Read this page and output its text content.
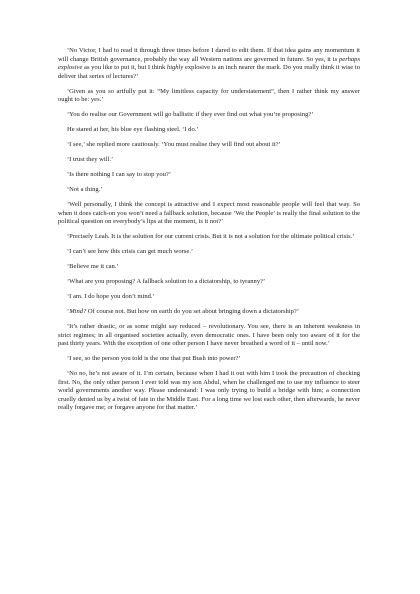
‘No Victor, I had to read it through three times before I dared to edit them. If that idea gains any momentum it will change British governance, probably the way all Western nations are governed in future. So yes, it is perhaps explosive as you like to put it, but I think highly explosive is an inch nearer the mark. Do you really think it wise to deliver that series of lectures?’

‘Given as you so artfully put it: “My limitless capacity for understatement”, then I rather think my answer ought to be: yes.’

‘You do realise our Government will go ballistic if they ever find out what you’re proposing?’

He stared at her, his blue eye flashing steel. ‘I do.’

‘I see,’ she replied more cautiously. ‘You must realise they will find out about it?’

‘I trust they will.’

‘Is there nothing I can say to stop you?’

‘Not a thing.’

‘Well personally, I think the concept is attractive and I expect most reasonable people will feel that way. So when it does catch-on you won’t need a fallback solution, because ‘We the People’ is really the final solution to the political question on everybody’s lips at the moment, is it not?’

‘Precisely Leah. It is the solution for our current crisis. But it is not a solution for the ultimate political crisis.’

‘I can’t see how this crisis can get much worse.’

‘Believe me it can.’

‘What are you proposing? A fallback solution to a dictatorship, to tyranny?’

‘I am. I do hope you don’t mind.’

‘Mind? Of course not. But how on earth do you set about bringing down a dictatorship?’

‘It’s rather drastic, or as some might say reduced – revolutionary. You see, there is an inherent weakness in strict regimes; in all organised societies actually, even democratic ones. I have been only too aware of it for the past thirty years. With the exception of one other person I have never breathed a word of it – until now.’

‘I see, so the person you told is the one that put Bush into power?’

‘No no, he’s not aware of it. I’m certain, because when I had it out with him I took the precaution of checking first. No, the only other person I ever told was my son Abdul, when he challenged me to use my influence to steer world governments another way. Please understand: I was only trying to build a bridge with him; a connection cruelly denied us by a twist of fate in the Middle East. For a long time we lost each other, then afterwards, he never really forgave me; or forgave anyone for that matter.’
